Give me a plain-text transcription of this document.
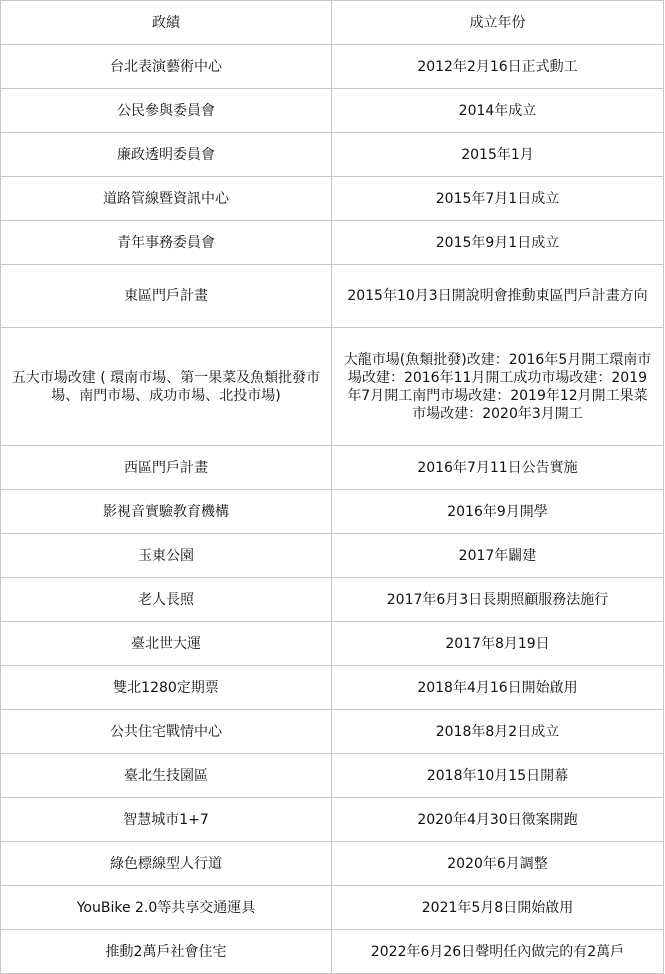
政績	成立年份
台北表演藝術中心	2012年2月16日正式動工
公民參與委員會	2014年成立
廉政透明委員會	2015年1月
道路管線暨資訊中心	2015年7月1日成立
青年事務委員會	2015年9月1日成立
東區門戶計畫	2015年10月3日開說明會推動東區門戶計畫方向
五大市場改建 ( 環南市場、第一果菜及魚類批發市場、南門市場、成功市場、北投市場)	大龍市場(魚類批發)改建：2016年5月開工環南市場改建：2016年11月開工成功市場改建：2019年7月開工南門市場改建：2019年12月開工果菜市場改建：2020年3月開工
西區門戶計畫	2016年7月11日公告實施
影視音實驗教育機構	2016年9月開學
玉東公園	2017年闢建
老人長照	2017年6月3日長期照顧服務法施行
臺北世大運	2017年8月19日
雙北1280定期票	2018年4月16日開始啟用
公共住宅戰情中心	2018年8月2日成立
臺北生技園區	2018年10月15日開幕
智慧城市1+7	2020年4月30日徵案開跑
綠色標線型人行道	2020年6月調整
YouBike 2.0等共享交通運具	2021年5月8日開始啟用
推動2萬戶社會住宅	2022年6月26日聲明任內做完的有2萬戶
